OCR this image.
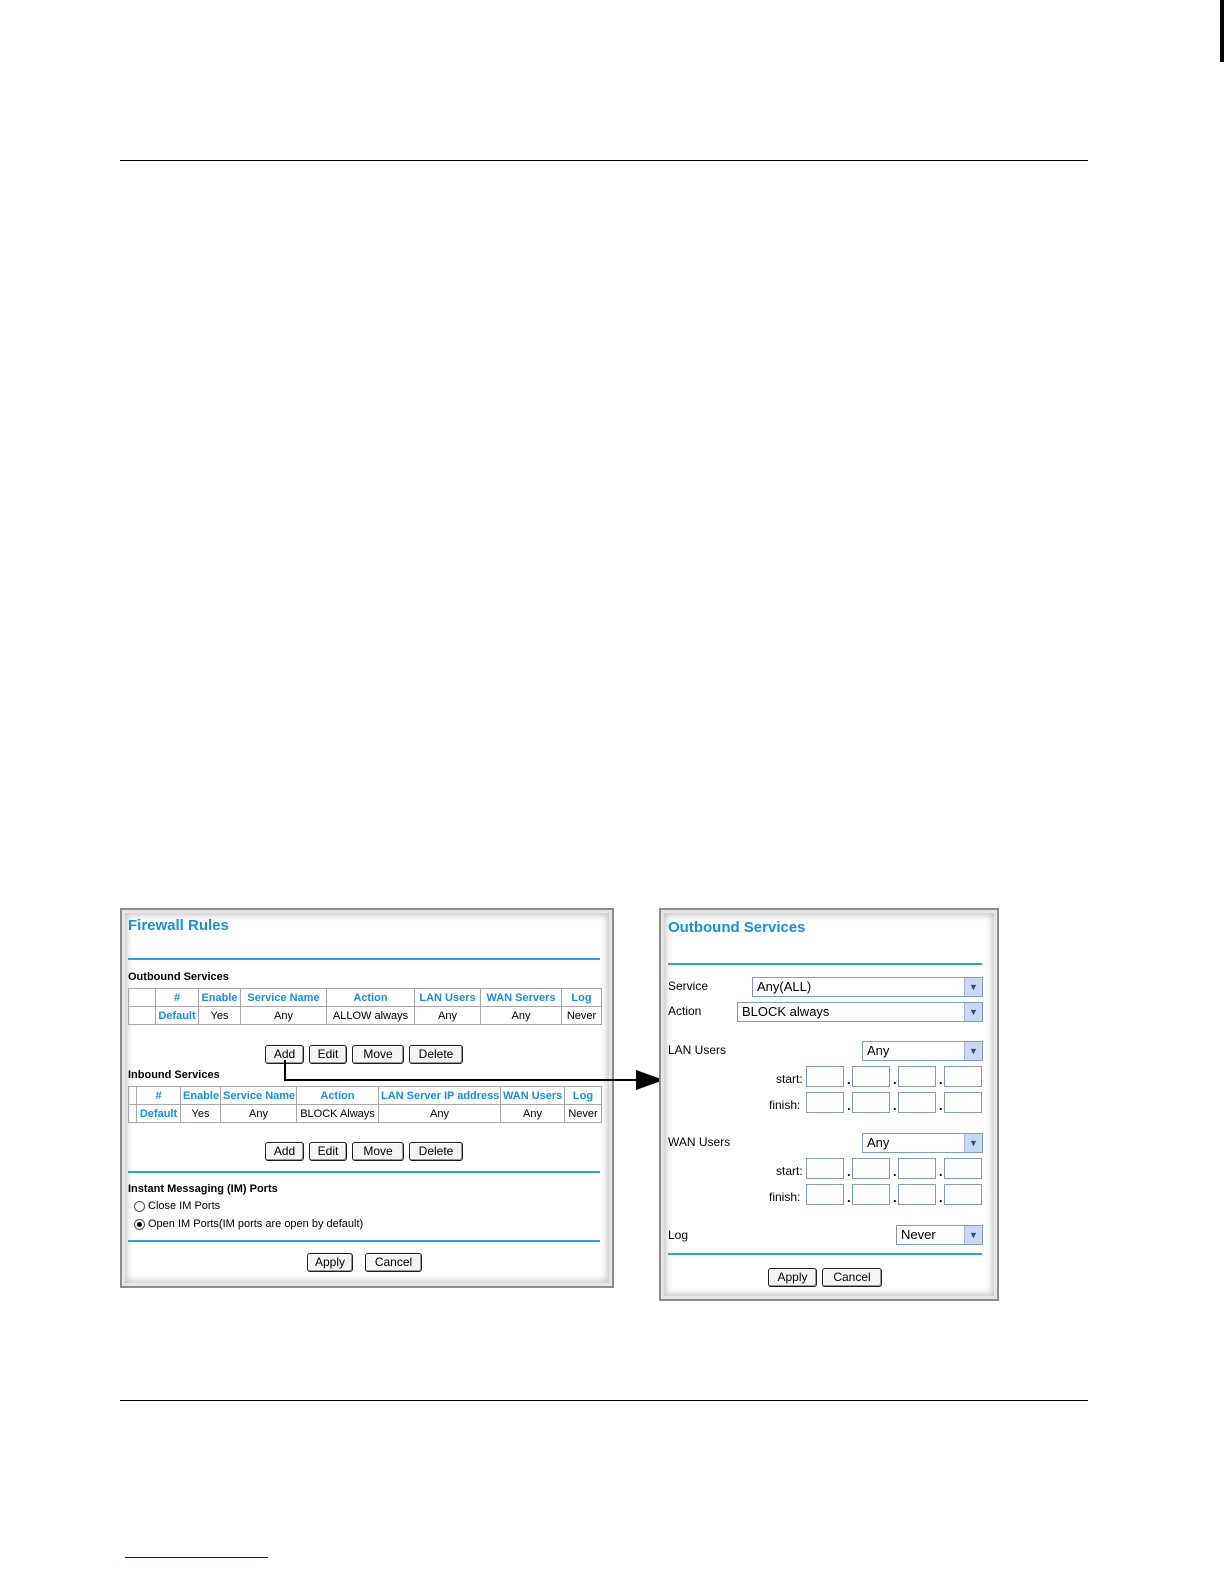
Firewall Rules
Outbound Services
	#	Enable	Service Name	Action	LAN Users	WAN Servers	Log
	Default	Yes	Any	ALLOW always	Any	Any	Never
Add	Edit	Move	Delete
Inbound Services
	#	Enable	Service Name	Action	LAN Server IP address	WAN Users	Log
	Default	Yes	Any	BLOCK Always	Any	Any	Never
Add	Edit	Move	Delete
Instant Messaging (IM) Ports
Close IM Ports
Open IM Ports(IM ports are open by default)
Apply	Cancel
Outbound Services
Service	Any(ALL)	▼
Action	BLOCK always	▼
LAN Users	Any	▼
start:	.	.	.
finish:	.	.	.
WAN Users	Any	▼
start:	.	.	.
finish:	.	.	.
Log	Never	▼
Apply	Cancel
